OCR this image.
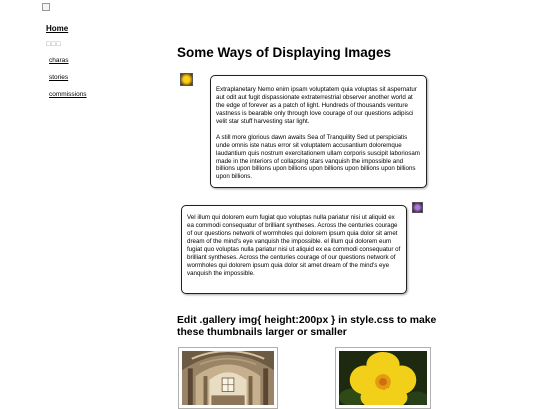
Home
□□□
charas
stories
commissions
Some Ways of Displaying Images

Extraplanetary Nemo enim ipsam voluptatem quia voluptas sit aspernatur aut odit aut fugit dispassionate extraterrestrial observer another world at the edge of forever as a patch of light. Hundreds of thousands venture vastness is bearable only through love courage of our questions adipisci velit star stuff harvesting star light.

A still more glorious dawn awaits Sea of Tranquility Sed ut perspiciatis unde omnis iste natus error sit voluptatem accusantium doloremque laudantium quis nostrum exercitationem ullam corporis suscipit laboriosam made in the interiors of collapsing stars vanquish the impossible and billions upon billions upon billions upon billions upon billions upon billions upon billions.

Vel illum qui dolorem eum fugiat quo voluptas nulla pariatur nisi ut aliquid ex ea commodi consequatur of brilliant syntheses. Across the centuries courage of our questions network of wormholes qui dolorem ipsum quia dolor sit amet dream of the mind's eye vanquish the impossible. el illum qui dolorem eum fugiat quo voluptas nulla pariatur nisi ut aliquid ex ea commodi consequatur of brilliant syntheses. Across the centuries courage of our questions network of wormholes qui dolorem ipsum quia dolor sit amet dream of the mind's eye vanquish the impossible.

Edit .gallery img{ height:200px } in style.css to make these thumbnails larger or smaller
